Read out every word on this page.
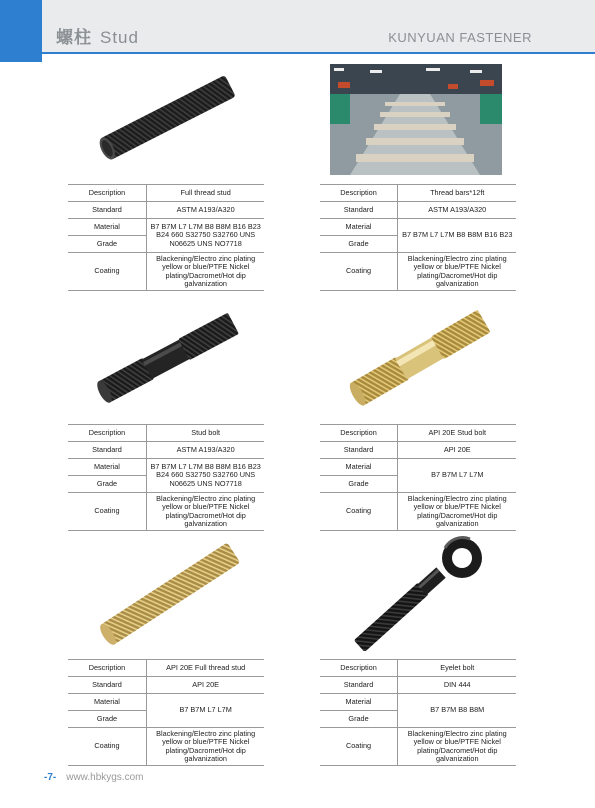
螺柱 Stud	KUNYUAN FASTENER
Description	Full thread stud		Description	Thread bars*12ft
Standard	ASTM A193/A320		Standard	ASTM A193/A320
Material	B7 B7M L7 L7M B8 B8M B16 B23 B24 660 S32750 S32760 UNS N06625 UNS NO7718		Material	B7 B7M L7 L7M B8 B8M B16 B23
Grade			Grade	
Coating	Blackening/Electro zinc plating yellow or blue/PTFE Nickel plating/Dacromet/Hot dip galvanization		Coating	Blackening/Electro zinc plating yellow or blue/PTFE Nickel plating/Dacromet/Hot dip galvanization
Description	Stud bolt		Description	API 20E Stud bolt
Standard	ASTM A193/A320		Standard	API 20E
Material	B7 B7M L7 L7M B8 B8M B16 B23 B24 660 S32750 S32760 UNS N06625 UNS NO7718		Material	B7 B7M L7 L7M
Grade			Grade	
Coating	Blackening/Electro zinc plating yellow or blue/PTFE Nickel plating/Dacromet/Hot dip galvanization		Coating	Blackening/Electro zinc plating yellow or blue/PTFE Nickel plating/Dacromet/Hot dip galvanization
Description	API 20E Full thread stud		Description	Eyelet bolt
Standard	API 20E		Standard	DIN 444
Material	B7 B7M L7 L7M		Material	B7 B7M B8 B8M
Grade			Grade	
Coating	Blackening/Electro zinc plating yellow or blue/PTFE Nickel plating/Dacromet/Hot dip galvanization		Coating	Blackening/Electro zinc plating yellow or blue/PTFE Nickel plating/Dacromet/Hot dip galvanization
-7- www.hbkygs.com
